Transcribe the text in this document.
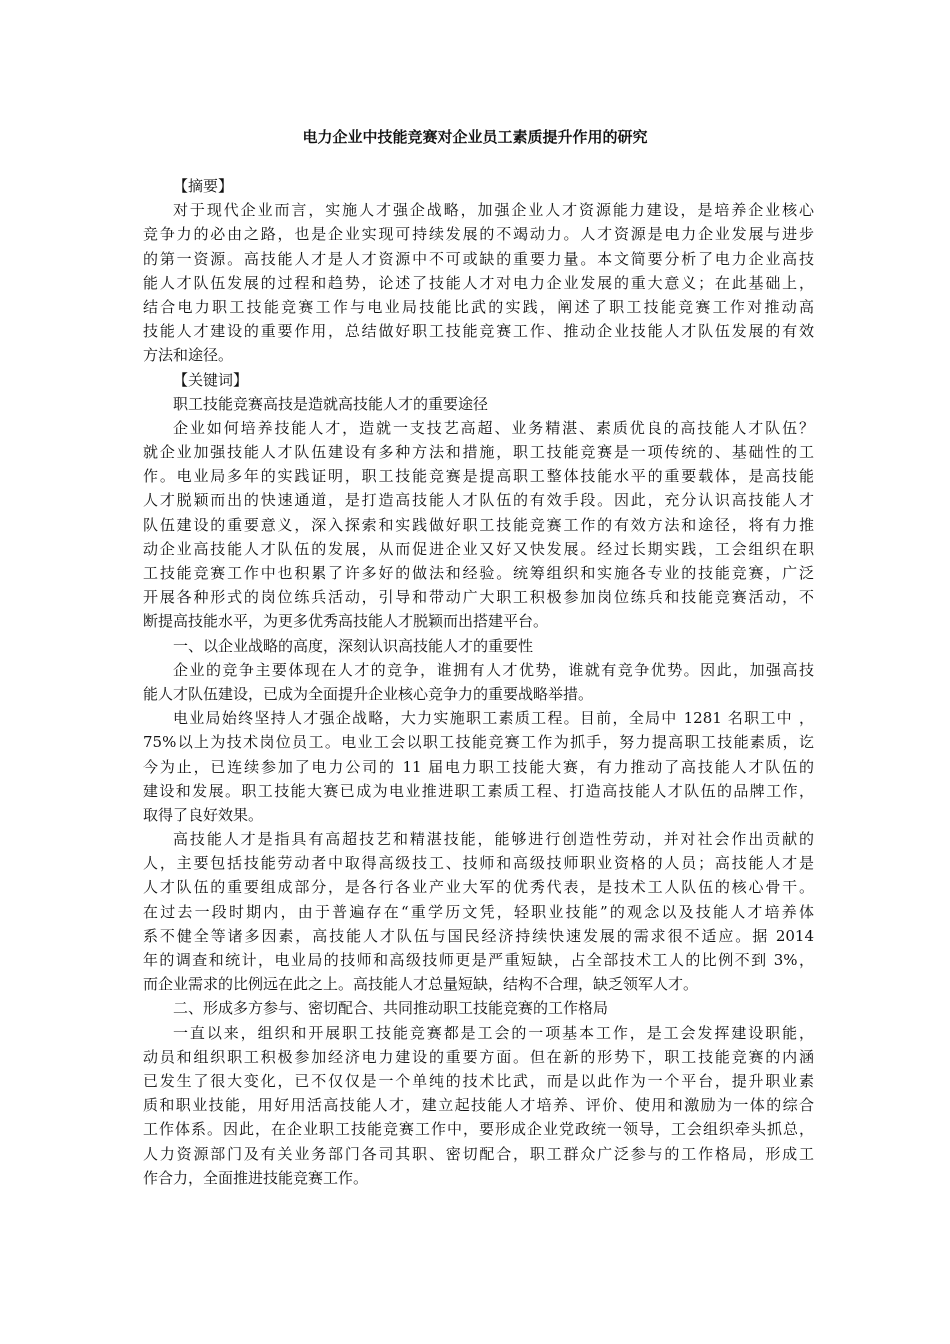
电力企业中技能竞赛对企业员工素质提升作用的研究
【摘要】
对于现代企业而言，实施人才强企战略，加强企业人才资源能力建设，是培养企业核心
竞争力的必由之路，也是企业实现可持续发展的不竭动力。人才资源是电力企业发展与进步
的第一资源。高技能人才是人才资源中不可或缺的重要力量。本文简要分析了电力企业高技
能人才队伍发展的过程和趋势，论述了技能人才对电力企业发展的重大意义；在此基础上，
结合电力职工技能竞赛工作与电业局技能比武的实践，阐述了职工技能竞赛工作对推动高
技能人才建设的重要作用，总结做好职工技能竞赛工作、推动企业技能人才队伍发展的有效
方法和途径。
【关键词】
职工技能竞赛高技是造就高技能人才的重要途径
企业如何培养技能人才，造就一支技艺高超、业务精湛、素质优良的高技能人才队伍？
就企业加强技能人才队伍建设有多种方法和措施，职工技能竞赛是一项传统的、基础性的工
作。电业局多年的实践证明，职工技能竞赛是提高职工整体技能水平的重要载体，是高技能
人才脱颖而出的快速通道，是打造高技能人才队伍的有效手段。因此，充分认识高技能人才
队伍建设的重要意义，深入探索和实践做好职工技能竞赛工作的有效方法和途径，将有力推
动企业高技能人才队伍的发展，从而促进企业又好又快发展。经过长期实践，工会组织在职
工技能竞赛工作中也积累了许多好的做法和经验。统筹组织和实施各专业的技能竞赛，广泛
开展各种形式的岗位练兵活动，引导和带动广大职工积极参加岗位练兵和技能竞赛活动，不
断提高技能水平，为更多优秀高技能人才脱颖而出搭建平台。
一、以企业战略的高度，深刻认识高技能人才的重要性
企业的竞争主要体现在人才的竞争，谁拥有人才优势，谁就有竞争优势。因此，加强高技
能人才队伍建设，已成为全面提升企业核心竞争力的重要战略举措。
电业局始终坚持人才强企战略，大力实施职工素质工程。目前，全局中 1281 名职工中 ，
75%以上为技术岗位员工。电业工会以职工技能竞赛工作为抓手，努力提高职工技能素质，讫
今为止，已连续参加了电力公司的 11 届电力职工技能大赛，有力推动了高技能人才队伍的
建设和发展。职工技能大赛已成为电业推进职工素质工程、打造高技能人才队伍的品牌工作，
取得了良好效果。
高技能人才是指具有高超技艺和精湛技能，能够进行创造性劳动，并对社会作出贡献的
人，主要包括技能劳动者中取得高级技工、技师和高级技师职业资格的人员；高技能人才是
人才队伍的重要组成部分，是各行各业产业大军的优秀代表，是技术工人队伍的核心骨干。
在过去一段时期内，由于普遍存在“重学历文凭，轻职业技能”的观念以及技能人才培养体
系不健全等诸多因素，高技能人才队伍与国民经济持续快速发展的需求很不适应。据 2014
年的调查和统计，电业局的技师和高级技师更是严重短缺，占全部技术工人的比例不到 3%，
而企业需求的比例远在此之上。高技能人才总量短缺，结构不合理，缺乏领军人才。
二、形成多方参与、密切配合、共同推动职工技能竞赛的工作格局
一直以来，组织和开展职工技能竞赛都是工会的一项基本工作，是工会发挥建设职能，
动员和组织职工积极参加经济电力建设的重要方面。但在新的形势下，职工技能竞赛的内涵
已发生了很大变化，已不仅仅是一个单纯的技术比武，而是以此作为一个平台，提升职业素
质和职业技能，用好用活高技能人才，建立起技能人才培养、评价、使用和激励为一体的综合
工作体系。因此，在企业职工技能竞赛工作中，要形成企业党政统一领导，工会组织牵头抓总，
人力资源部门及有关业务部门各司其职、密切配合，职工群众广泛参与的工作格局，形成工
作合力，全面推进技能竞赛工作。
